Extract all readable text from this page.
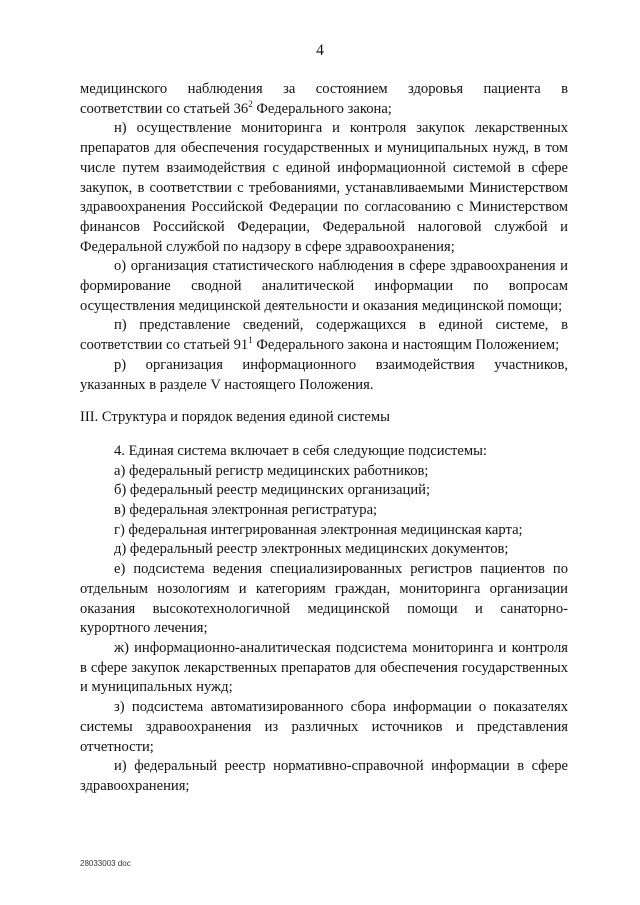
4

медицинского наблюдения за состоянием здоровья пациента в

соответствии со статьей $36^2$ Федерального закона;

н) осуществление мониторинга и контроля закупок лекарственных препаратов для обеспечения государственных и муниципальных нужд, в том числе путем взаимодействия с единой информационной системой в сфере закупок, в соответствии с требованиями, устанавливаемыми Министерством здравоохранения Российской Федерации по согласованию с Министерством финансов Российской Федерации, Федеральной налоговой службой и Федеральной службой по надзору в сфере здравоохранения;

о) организация статистического наблюдения в сфере здравоохранения и формирование сводной аналитической информации по вопросам осуществления медицинской деятельности и оказания медицинской помощи;

п) представление сведений, содержащихся в единой системе, в соответствии со статьей $91^1$ Федерального закона и настоящим Положением;

р) организация информационного взаимодействия участников, указанных в разделе V настоящего Положения.

III. Структура и порядок ведения единой системы

4. Единая система включает в себя следующие подсистемы:

а) федеральный регистр медицинских работников;

б) федеральный реестр медицинских организаций;

в) федеральная электронная регистратура;

г) федеральная интегрированная электронная медицинская карта;

д) федеральный реестр электронных медицинских документов;

е) подсистема ведения специализированных регистров пациентов по отдельным нозологиям и категориям граждан, мониторинга организации оказания высокотехнологичной медицинской помощи и санаторно-курортного лечения;

ж) информационно-аналитическая подсистема мониторинга и контроля в сфере закупок лекарственных препаратов для обеспечения государственных и муниципальных нужд;

з) подсистема автоматизированного сбора информации о показателях системы здравоохранения из различных источников и представления отчетности;

и) федеральный реестр нормативно-справочной информации в сфере здравоохранения;

28033003 doc
